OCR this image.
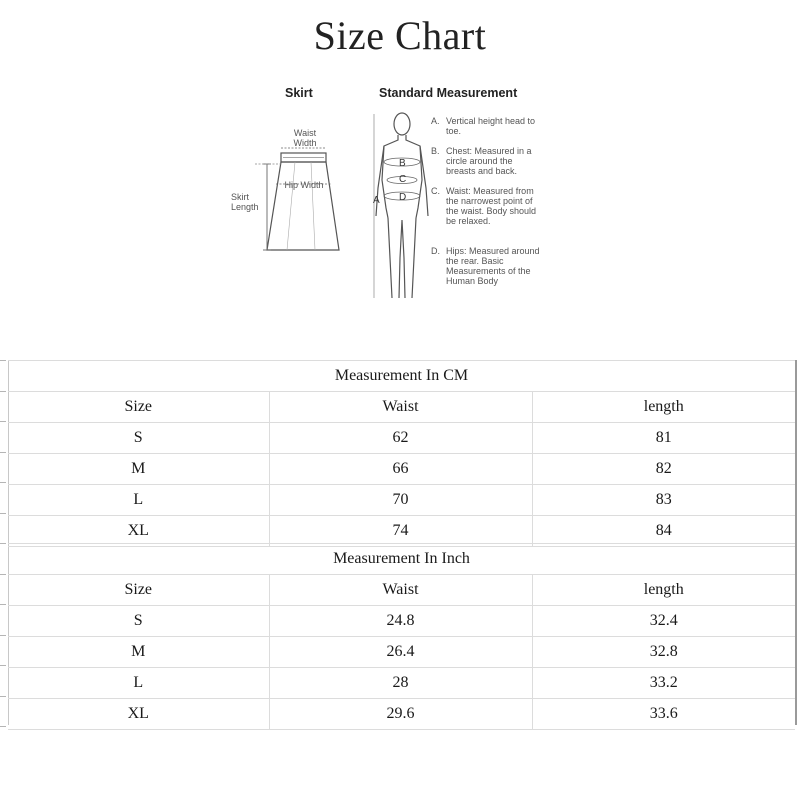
Size Chart
Skirt
Waist Width
Hip Width
Skirt Length
Standard Measurement
A
B
C
D
A. Vertical height head to toe.
B. Chest: Measured in a circle around the breasts and back.
C. Waist: Measured from the narrowest point of the waist. Body should be relaxed.
D. Hips: Measured around the rear. Basic Measurements of the Human Body
Measurement In CM		
Size	Waist	length
S	62	81
M	66	82
L	70	83
XL	74	84
Measurement In Inch		
Size	Waist	length
S	24.8	32.4
M	26.4	32.8
L	28	33.2
XL	29.6	33.6
